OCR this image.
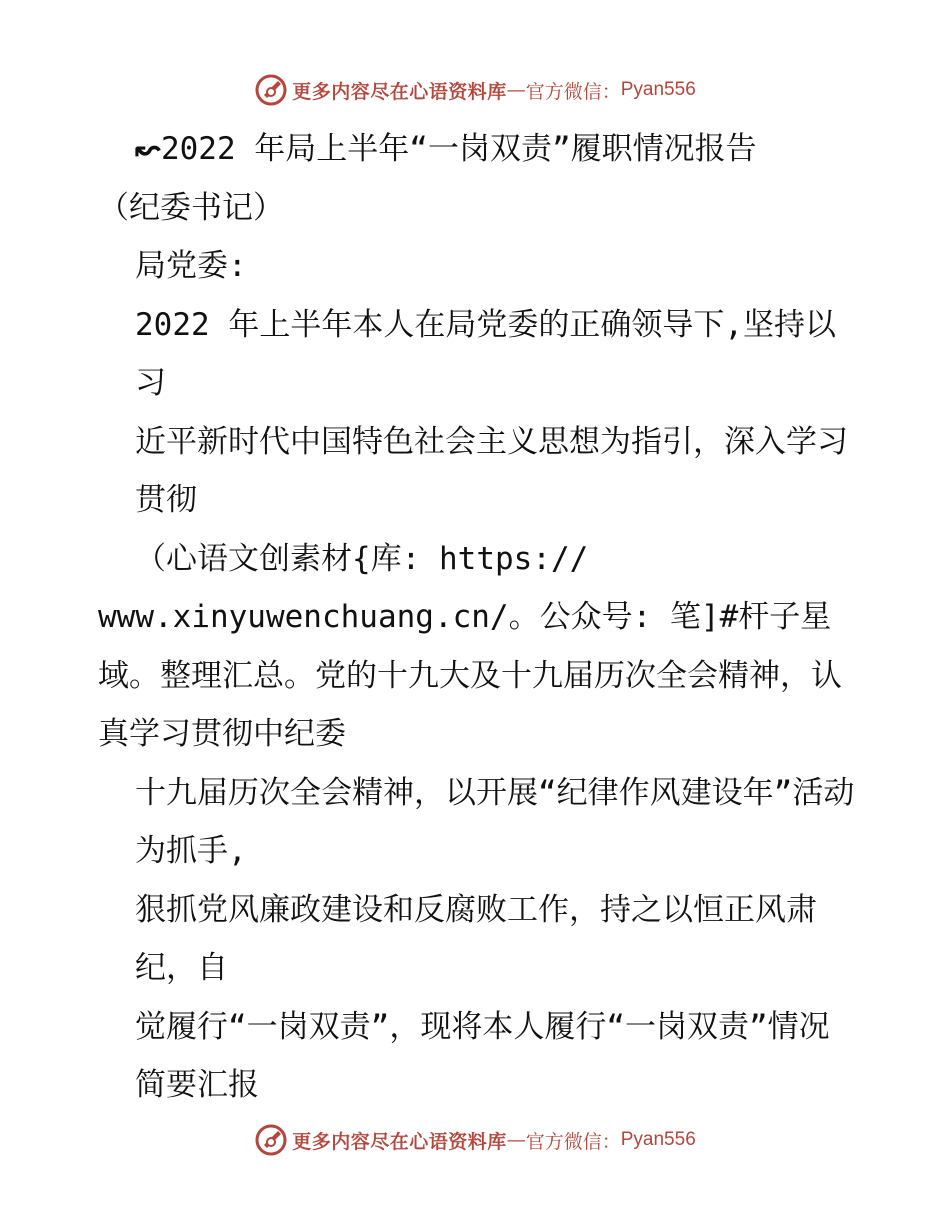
更多内容尽在心语资料库 — 官方微信： Pyan556

↜2022 年局上半年“一岗双责”履职情况报告

（纪委书记）

局党委:

2022 年上半年本人在局党委的正确领导下,坚持以习

近平新时代中国特色社会主义思想为指引，深入学习贯彻

（心语文创素材{库: https://

www.xinyuwenchuang.cn/。公众号: 笔]#杆子星域。整理汇总。党的十九大及十九届历次全会精神，认真学习贯彻中纪委

十九届历次全会精神，以开展“纪律作风建设年”活动为抓手,

狠抓党风廉政建设和反腐败工作，持之以恒正风肃纪，自

觉履行“一岗双责”，现将本人履行“一岗双责”情况简要汇报

更多内容尽在心语资料库 — 官方微信： Pyan556
